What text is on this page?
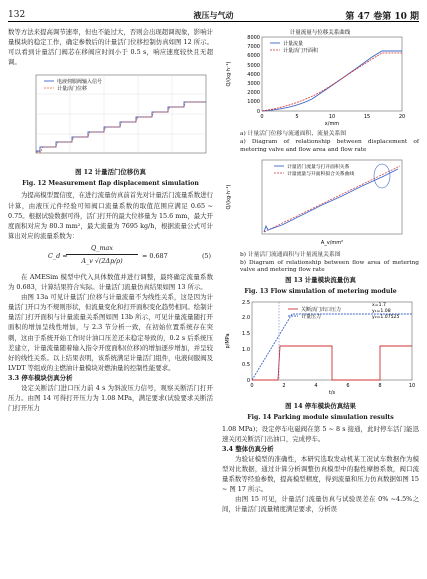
132	液压与气动	第 47 卷第 10 期

数等方法来提高调节速率，但也不能过大，否则会出现超调现象，影响计量模块的稳定工作，确定参数后的计量活门位移控制仿真如图 12 所示。可以看到计量活门阀芯在移阀应时间小于 0.5 s，响应速度较快且无超调。

电液伺服阀输入信号
计量活门位移
图 12 计量活门位移仿真
Fig. 12 Measurement flap displacement simulation

为提高模型置信度，在进行流量仿真前首先对计量活门流量系数进行计算，由液压元件经验可知阀口流量系数的取值范围应满足 0.65 ~ 0.75。根据试验数据可得，活门打开的最大位移量为 15.6 mm，最大开度面积对应为 80.3 mm²，最大流量为 7695 kg/h，根据流量公式可计算出对应的流量系数为：

C_d =
Q_max
A_v √(2Δp/ρ)
= 0.687	(5)

在 AMESim 模型中代入具体数值并进行调整，最终确定流量系数为 0.683，计算结果符合实际。计量活门流量仿真结果如图 13 所示。

由图 13a 可见计量活门位移与计量流量不为线性关系，这是因为计量活门开口为不规则形状，但流量变化和打开面积变化趋势相同。绘制计量活门打开面积与计量流量关系图如图 13b 所示，可见计量流量随打开面积的增加呈线性增加，与 2.3 节分析一致，在初始位置系统存在突刺，这由于系统开始工作时计油口压差还未稳定导致的，0.2 s 后系统压差建立，计量流量随着输入指令开度面积(位移)的增加逐步增加，并呈较好的线性关系。以上结果表明，该系统满足计量活门组件，电液伺服阀及 LVDT 等组成的主燃油计量模块对燃油量的控制性能要求。

3.3 停车模块仿真分析

设定关断活门进口压力前 4 s 为斜波压力信号，观察关断活门打开压力。由图 14 可得打开压力为 1.08 MPa，满足要求(试验要求关断活门打开压力

计量流量与位移关系曲线
8000
7000
6000
5000
4000
3000
2000
1000
0
Q/(kg·h⁻¹)
0	5	10	15	20
x/mm
计量流量
计量活门开面积
a) 计量活门位移与流通面积、流量关系图
a) Diagram of relationship between displacement of metering valve and flow area and flow rate
Q/(kg·h⁻¹)
A_v/mm²
计量活门流量与打开面积关系
计量流量与开面积拟合关系曲线
b) 计量活门流通面积与计量流量关系图
b) Diagram of relationship between flow area of metering valve and metering flow rate
图 13 计量模块流量仿真
Fig. 13 Flow simulation of metering module
2.5
2.0
1.5
1.0
0.5
0
p/MPa
0	2	4	6	8	10
t/s
关断活门出口压力
计量压力
x=1.7
y₁=1.08
y₂=1.07525
图 14 停车模块仿真结果
Fig. 14 Parking module simulation results

1.08 MPa)；设定停车电磁阀在第 5 ~ 8 s 接通，此时停车活门能迅速关闭关断活门出油口，完成停车。

3.4 整体仿真分析

为验证模型的准确性，本研究选取发动机某工况试车数据作为模型对比数据，通过计算分析调整仿真模型中的黏性摩擦系数，阀口流量系数等经验参数，提高模型精度，得到流量和压力仿真数据如图 15 ~ 图 17 所示。

由图 15 可见，计量活门流量仿真与试验误差在 0% ~4.5%之间，计量活门流量精度满足要求，分析误
